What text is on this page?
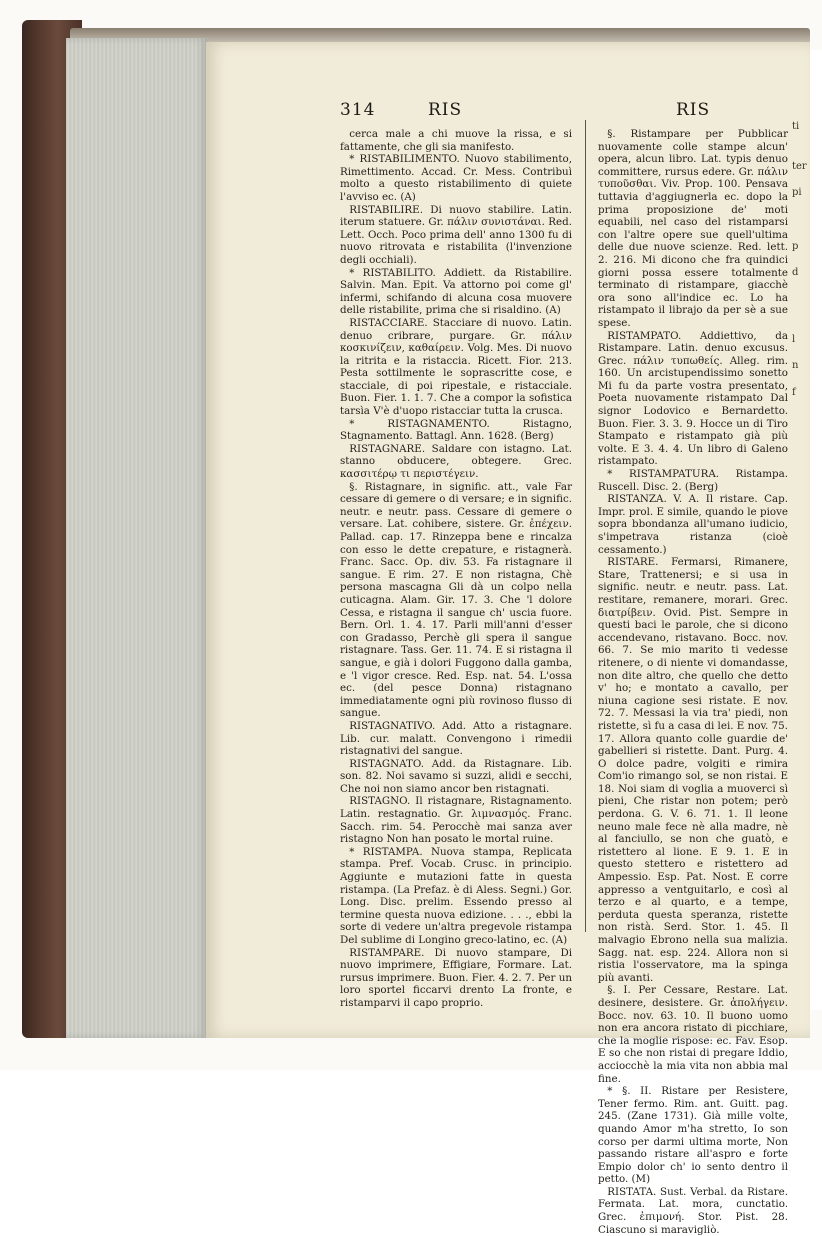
314	RIS	RIS

cerca male a chi muove la rissa, e si fattamente, che gli sia manifesto.

* RISTABILIMENTO. Nuovo stabilimento, Rimettimento. Accad. Cr. Mess. Contribuì molto a questo ristabilimento di quiete l'avviso ec. (A)

RISTABILIRE. Di nuovo stabilire. Latin. iterum statuere. Gr. πάλιν συνιστάναι. Red. Lett. Occh. Poco prima dell' anno 1300 fu di nuovo ritrovata e ristabilita (l'invenzione degli occhiali).

* RISTABILITO. Addiett. da Ristabilire. Salvin. Man. Epit. Va attorno poi come gl' infermi, schifando di alcuna cosa muovere delle ristabilite, prima che si risaldino. (A)

RISTACCIARE. Stacciare di nuovo. Latin. denuo cribrare, purgare. Gr. πάλιν κοσκινίζειν, καθαίρειν. Volg. Mes. Di nuovo la ritrita e la ristaccia. Ricett. Fior. 213. Pesta sottilmente le soprascritte cose, e stacciale, di poi ripestale, e ristacciale. Buon. Fier. 1. 1. 7. Che a compor la sofistica tarsìa V'è d'uopo ristacciar tutta la crusca.

* RISTAGNAMENTO. Ristagno, Stagnamento. Battagl. Ann. 1628. (Berg)

RISTAGNARE. Saldare con istagno. Lat. stanno obducere, obtegere. Grec. κασσιτέρῳ τι περιστέγειν.

§. Ristagnare, in signific. att., vale Far cessare di gemere o di versare; e in signific. neutr. e neutr. pass. Cessare di gemere o versare. Lat. cohibere, sistere. Gr. ἐπέχειν. Pallad. cap. 17. Rinzeppa bene e rincalza con esso le dette crepature, e ristagnerà. Franc. Sacc. Op. div. 53. Fa ristagnare il sangue. E rim. 27. E non ristagna, Chè persona mascagna Gli dà un colpo nella cuticagna. Alam. Gir. 17. 3. Che 'l dolore Cessa, e ristagna il sangue ch' uscia fuore. Bern. Orl. 1. 4. 17. Parli mill'anni d'esser con Gradasso, Perchè gli spera il sangue ristagnare. Tass. Ger. 11. 74. E si ristagna il sangue, e già i dolori Fuggono dalla gamba, e 'l vigor cresce. Red. Esp. nat. 54. L'ossa ec. (del pesce Donna) ristagnano immediatamente ogni più rovinoso flusso di sangue.

RISTAGNATIVO. Add. Atto a ristagnare. Lib. cur. malatt. Convengono i rimedii ristagnativi del sangue.

RISTAGNATO. Add. da Ristagnare. Lib. son. 82. Noi savamo si suzzi, alidi e secchi, Che noi non siamo ancor ben ristagnati.

RISTAGNO. Il ristagnare, Ristagnamento. Latin. restagnatio. Gr. λιμνασμός. Franc. Sacch. rim. 54. Perocchè mai sanza aver ristagno Non han posato le mortal ruine.

* RISTAMPA. Nuova stampa, Replicata stampa. Pref. Vocab. Crusc. in principio. Aggiunte e mutazioni fatte in questa ristampa. (La Prefaz. è di Aless. Segni.) Gor. Long. Disc. prelim. Essendo presso al termine questa nuova edizione. . . ., ebbi la sorte di vedere un'altra pregevole ristampa Del sublime di Longino greco-latino, ec. (A)

RISTAMPARE. Di nuovo stampare, Di nuovo imprimere, Effigiare, Formare. Lat. rursus imprimere. Buon. Fier. 4. 2. 7. Per un loro sportel ficcarvi drento La fronte, e ristamparvi il capo proprio.

§. Ristampare per Pubblicar nuovamente colle stampe alcun' opera, alcun libro. Lat. typis denuo committere, rursus edere. Gr. πάλιν τυποῦσθαι. Viv. Prop. 100. Pensava tuttavia d'aggiugnerla ec. dopo la prima proposizione de' moti equabili, nel caso del ristamparsi con l'altre opere sue quell'ultima delle due nuove scienze. Red. lett. 2. 216. Mi dicono che fra quindici giorni possa essere totalmente terminato di ristampare, giacchè ora sono all'indice ec. Lo ha ristampato il librajo da per sè a sue spese.

RISTAMPATO. Addiettivo, da Ristampare. Latin. denuo excusus. Grec. πάλιν τυπωθείς. Alleg. rim. 160. Un arcistupendissimo sonetto Mi fu da parte vostra presentato, Poeta nuovamente ristampato Dal signor Lodovico e Bernardetto. Buon. Fier. 3. 3. 9. Hocce un di Tiro Stampato e ristampato già più volte. E 3. 4. 4. Un libro di Galeno ristampato.

* RISTAMPATURA. Ristampa. Ruscell. Disc. 2. (Berg)

RISTANZA. V. A. Il ristare. Cap. Impr. prol. E simile, quando le piove sopra bbondanza all'umano iudicio, s'impetrava ristanza (cioè cessamento.)

RISTARE. Fermarsi, Rimanere, Stare, Trattenersi; e si usa in signific. neutr. e neutr. pass. Lat. restitare, remanere, morari. Grec. διατρίβειν. Ovid. Pist. Sempre in questi baci le parole, che si dicono accendevano, ristavano. Bocc. nov. 66. 7. Se mio marito ti vedesse ritenere, o di niente vi domandasse, non dite altro, che quello che detto v' ho; e montato a cavallo, per niuna cagione sesi ristate. E nov. 72. 7. Messasi la via tra' piedi, non ristette, sì fu a casa di lei. E nov. 75. 17. Allora quanto colle guardie de' gabellieri si ristette. Dant. Purg. 4. O dolce padre, volgiti e rimira Com'io rimango sol, se non ristai. E 18. Noi siam di voglia a muoverci sì pieni, Che ristar non potem; però perdona. G. V. 6. 71. 1. Il leone neuno male fece nè alla madre, nè al fanciullo, se non che guatò, e ristettero al lione. E 9. 1. E in questo stettero e ristettero ad Ampessio. Esp. Pat. Nost. E corre appresso a ventguitarlo, e così al terzo e al quarto, e a tempe, perduta questa speranza, ristette non ristà. Serd. Stor. 1. 45. Il malvagio Ebrono nella sua malizia. Sagg. nat. esp. 224. Allora non si ristia l'osservatore, ma la spinga più avanti.

§. I. Per Cessare, Restare. Lat. desinere, desistere. Gr. ἀπολήγειν. Bocc. nov. 63. 10. Il buono uomo non era ancora ristato di picchiare, che la moglie rispose: ec. Fav. Esop. E so che non ristai di pregare Iddio, acciocchè la mia vita non abbia mal fine.

* §. II. Ristare per Resistere, Tener fermo. Rim. ant. Guitt. pag. 245. (Zane 1731). Già mille volte, quando Amor m'ha stretto, Io son corso per darmi ultima morte, Non passando ristare all'aspro e forte Empio dolor ch' io sento dentro il petto. (M)

RISTATA. Sust. Verbal. da Ristare. Fermata. Lat. mora, cunctatio. Grec. ἐπιμονή. Stor. Pist. 28. Ciascuno si maravigliò.

ti

ter

pi

p

d

l

n

f
